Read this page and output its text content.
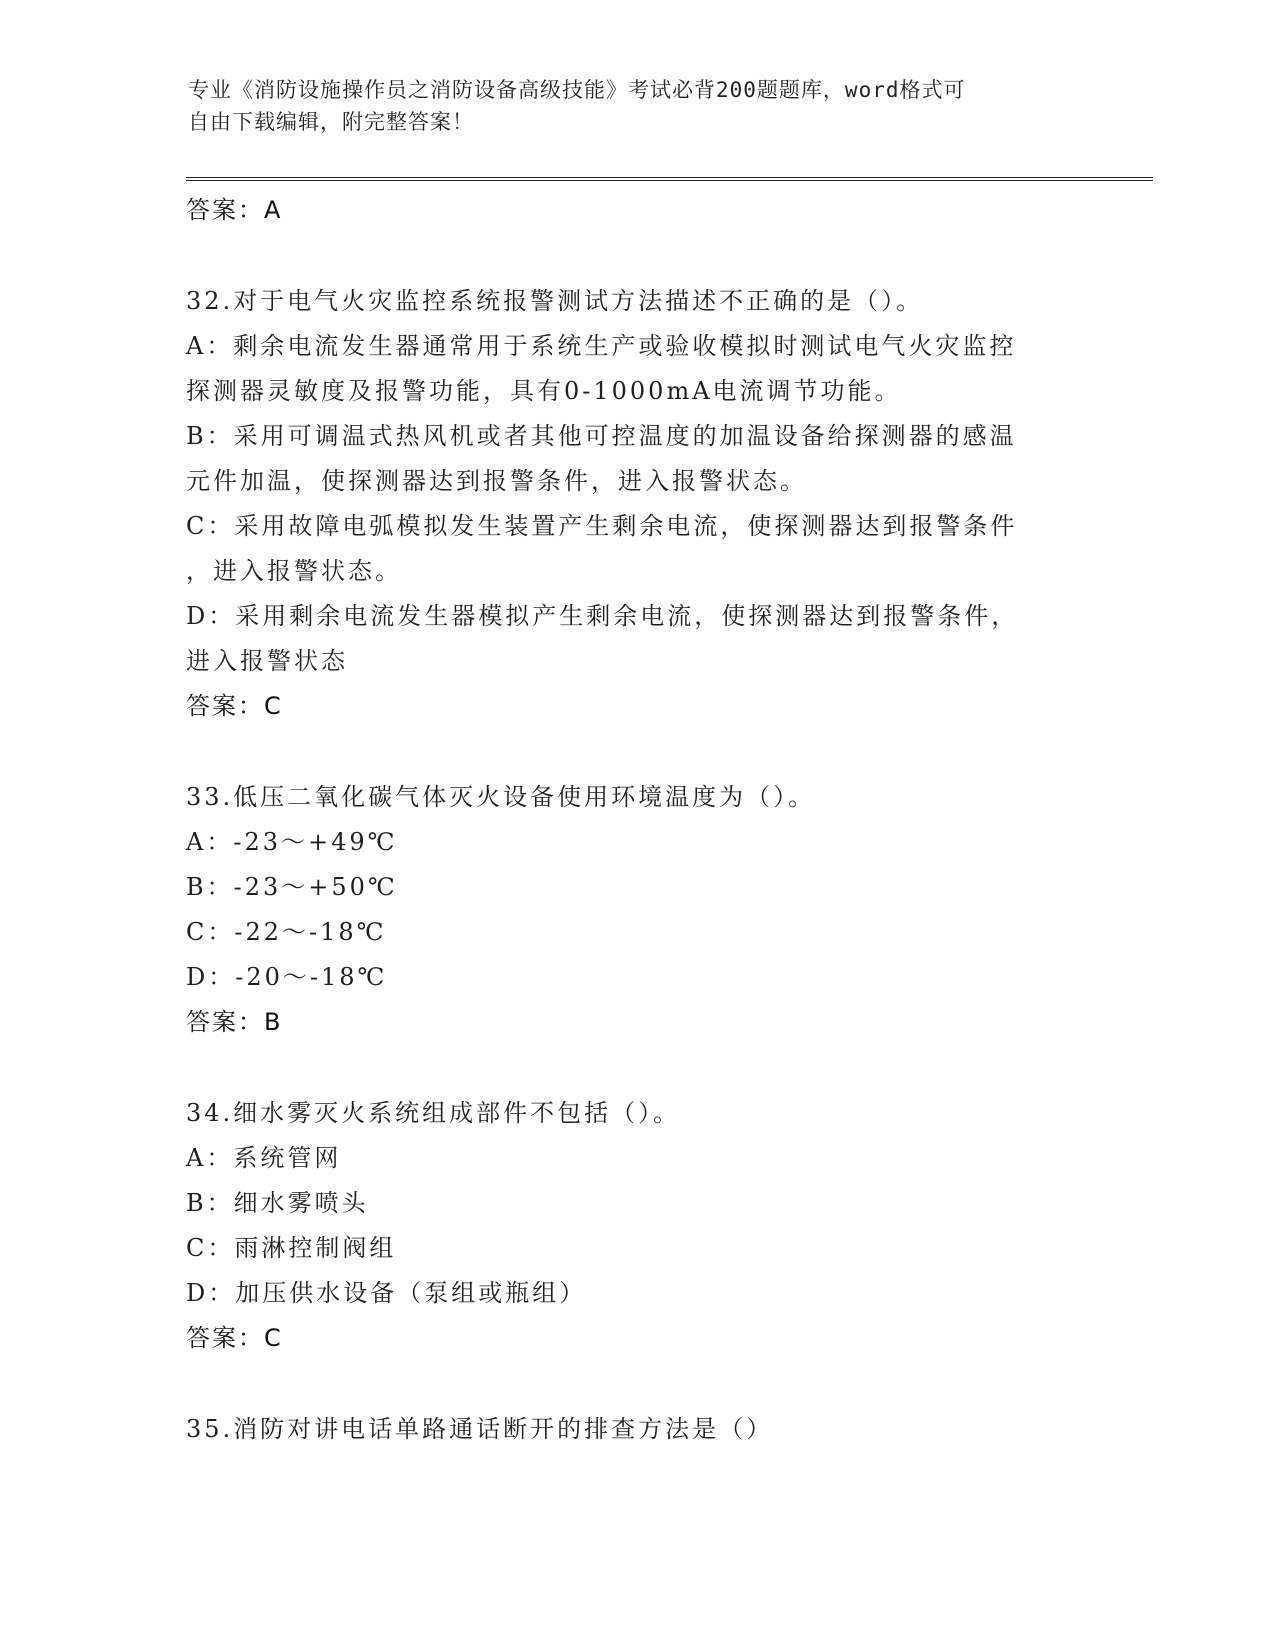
专业《消防设施操作员之消防设备高级技能》考试必背200题题库，word格式可
自由下载编辑，附完整答案！
答案：A
32.对于电气火灾监控系统报警测试方法描述不正确的是（）。
A：剩余电流发生器通常用于系统生产或验收模拟时测试电气火灾监控
探测器灵敏度及报警功能，具有0-1000mA电流调节功能。
B：采用可调温式热风机或者其他可控温度的加温设备给探测器的感温
元件加温，使探测器达到报警条件，进入报警状态。
C：采用故障电弧模拟发生装置产生剩余电流，使探测器达到报警条件
，进入报警状态。
D：采用剩余电流发生器模拟产生剩余电流，使探测器达到报警条件，
进入报警状态
答案：C
33.低压二氧化碳气体灭火设备使用环境温度为（）。
A：-23～+49℃
B：-23～+50℃
C：-22～-18℃
D：-20～-18℃
答案：B
34.细水雾灭火系统组成部件不包括（）。
A：系统管网
B：细水雾喷头
C：雨淋控制阀组
D：加压供水设备（泵组或瓶组）
答案：C
35.消防对讲电话单路通话断开的排查方法是（）
